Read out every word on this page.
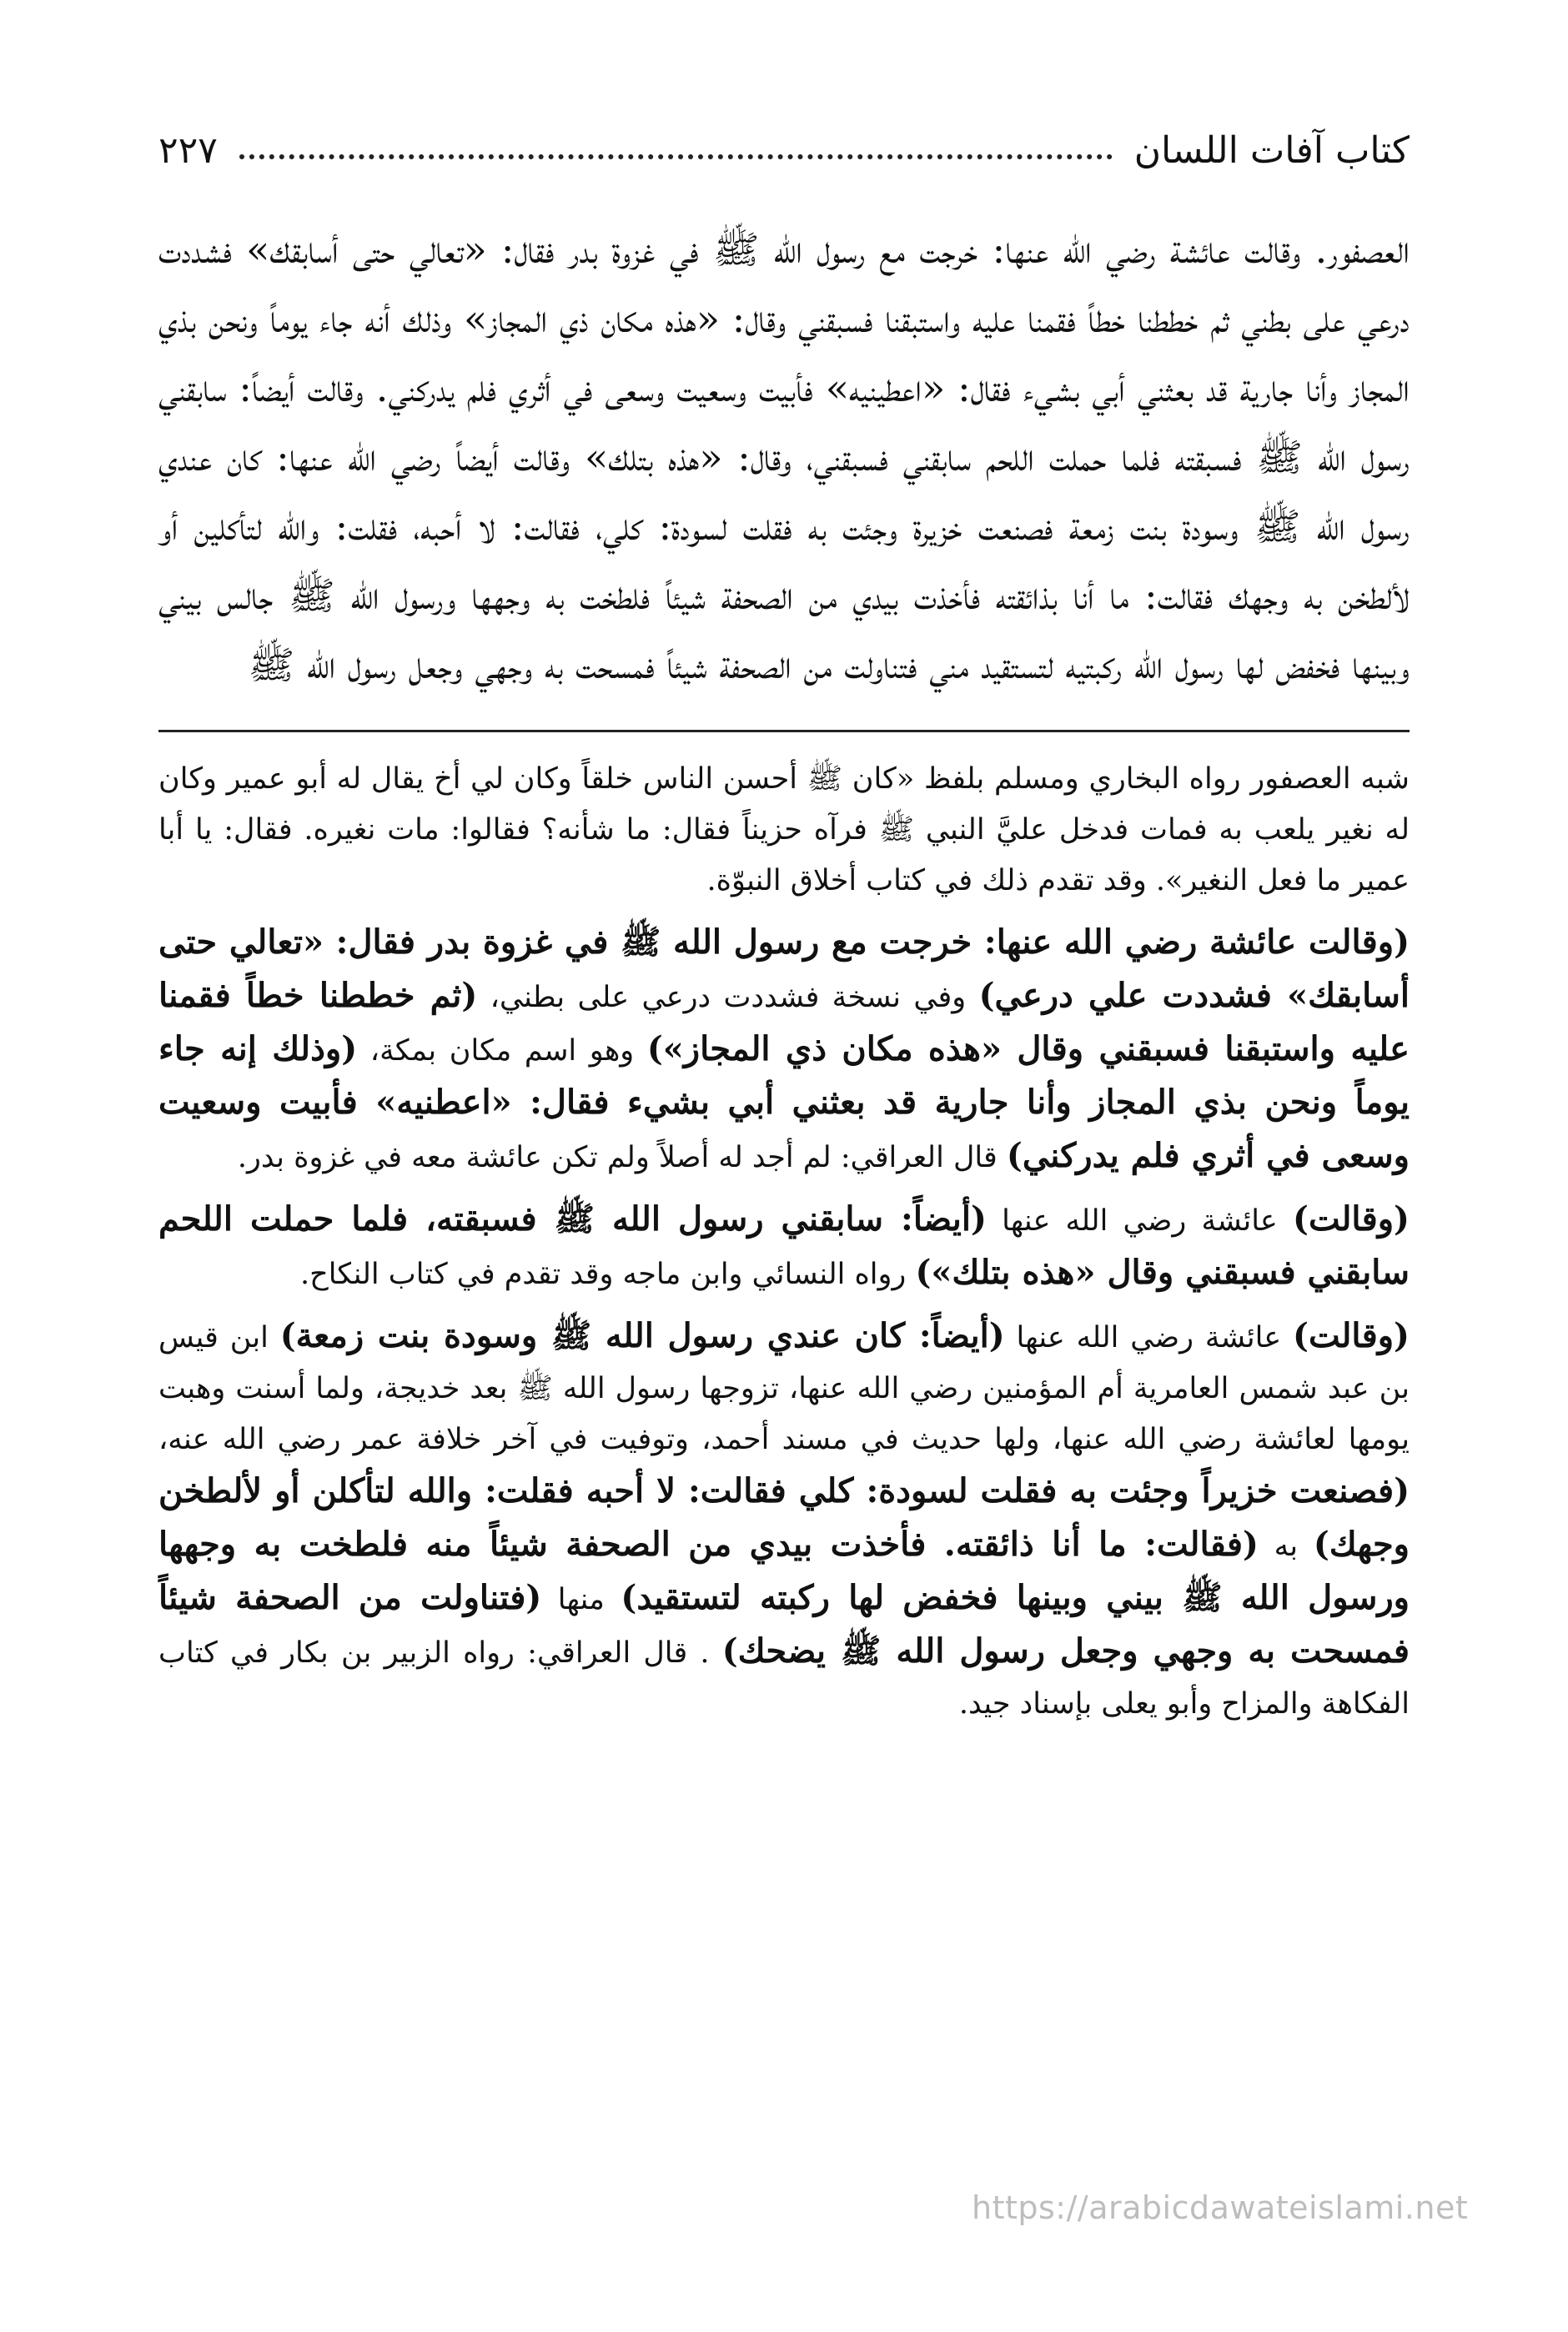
كتاب آفات اللسان
٢٢٧

العصفور. وقالت عائشة رضي الله عنها: خرجت مع رسول الله ﷺ في غزوة بدر فقال: «تعالي حتى أسابقك» فشددت درعي على بطني ثم خططنا خطاً فقمنا عليه واستبقنا فسبقني وقال: «هذه مكان ذي المجاز» وذلك أنه جاء يوماً ونحن بذي المجاز وأنا جارية قد بعثني أبي بشيء فقال: «اعطينيه» فأبيت وسعيت وسعى في أثري فلم يدركني. وقالت أيضاً: سابقني رسول الله ﷺ فسبقته فلما حملت اللحم سابقني فسبقني، وقال: «هذه بتلك» وقالت أيضاً رضي الله عنها: كان عندي رسول الله ﷺ وسودة بنت زمعة فصنعت خزيرة وجئت به فقلت لسودة: كلي، فقالت: لا أحبه، فقلت: والله لتأكلين أو لألطخن به وجهك فقالت: ما أنا بذائقته فأخذت بيدي من الصحفة شيئاً فلطخت به وجهها ورسول الله ﷺ جالس بيني وبينها فخفض لها رسول الله ركبتيه لتستقيد مني فتناولت من الصحفة شيئاً فمسحت به وجهي وجعل رسول الله ﷺ

شبه العصفور رواه البخاري ومسلم بلفظ «كان ﷺ أحسن الناس خلقاً وكان لي أخ يقال له أبو عمير وكان له نغير يلعب به فمات فدخل عليَّ النبي ﷺ فرآه حزيناً فقال: ما شأنه؟ فقالوا: مات نغيره. فقال: يا أبا عمير ما فعل النغير». وقد تقدم ذلك في كتاب أخلاق النبوّة.

(وقالت عائشة رضي الله عنها: خرجت مع رسول الله ﷺ في غزوة بدر فقال: «تعالي حتى أسابقك» فشددت علي درعي) وفي نسخة فشددت درعي على بطني، (ثم خططنا خطاً فقمنا عليه واستبقنا فسبقني وقال «هذه مكان ذي المجاز») وهو اسم مكان بمكة، (وذلك إنه جاء يوماً ونحن بذي المجاز وأنا جارية قد بعثني أبي بشيء فقال: «اعطنيه» فأبيت وسعيت وسعى في أثري فلم يدركني) قال العراقي: لم أجد له أصلاً ولم تكن عائشة معه في غزوة بدر.

(وقالت) عائشة رضي الله عنها (أيضاً: سابقني رسول الله ﷺ فسبقته، فلما حملت اللحم سابقني فسبقني وقال «هذه بتلك») رواه النسائي وابن ماجه وقد تقدم في كتاب النكاح.

(وقالت) عائشة رضي الله عنها (أيضاً: كان عندي رسول الله ﷺ وسودة بنت زمعة) ابن قيس بن عبد شمس العامرية أم المؤمنين رضي الله عنها، تزوجها رسول الله ﷺ بعد خديجة، ولما أسنت وهبت يومها لعائشة رضي الله عنها، ولها حديث في مسند أحمد، وتوفيت في آخر خلافة عمر رضي الله عنه، (فصنعت خزيراً وجئت به فقلت لسودة: كلي فقالت: لا أحبه فقلت: والله لتأكلن أو لألطخن وجهك) به (فقالت: ما أنا ذائقته. فأخذت بيدي من الصحفة شيئاً منه فلطخت به وجهها ورسول الله ﷺ بيني وبينها فخفض لها ركبته لتستقيد) منها (فتناولت من الصحفة شيئاً فمسحت به وجهي وجعل رسول الله ﷺ يضحك) . قال العراقي: رواه الزبير بن بكار في كتاب الفكاهة والمزاح وأبو يعلى بإسناد جيد.

https://arabicdawateislami.net
